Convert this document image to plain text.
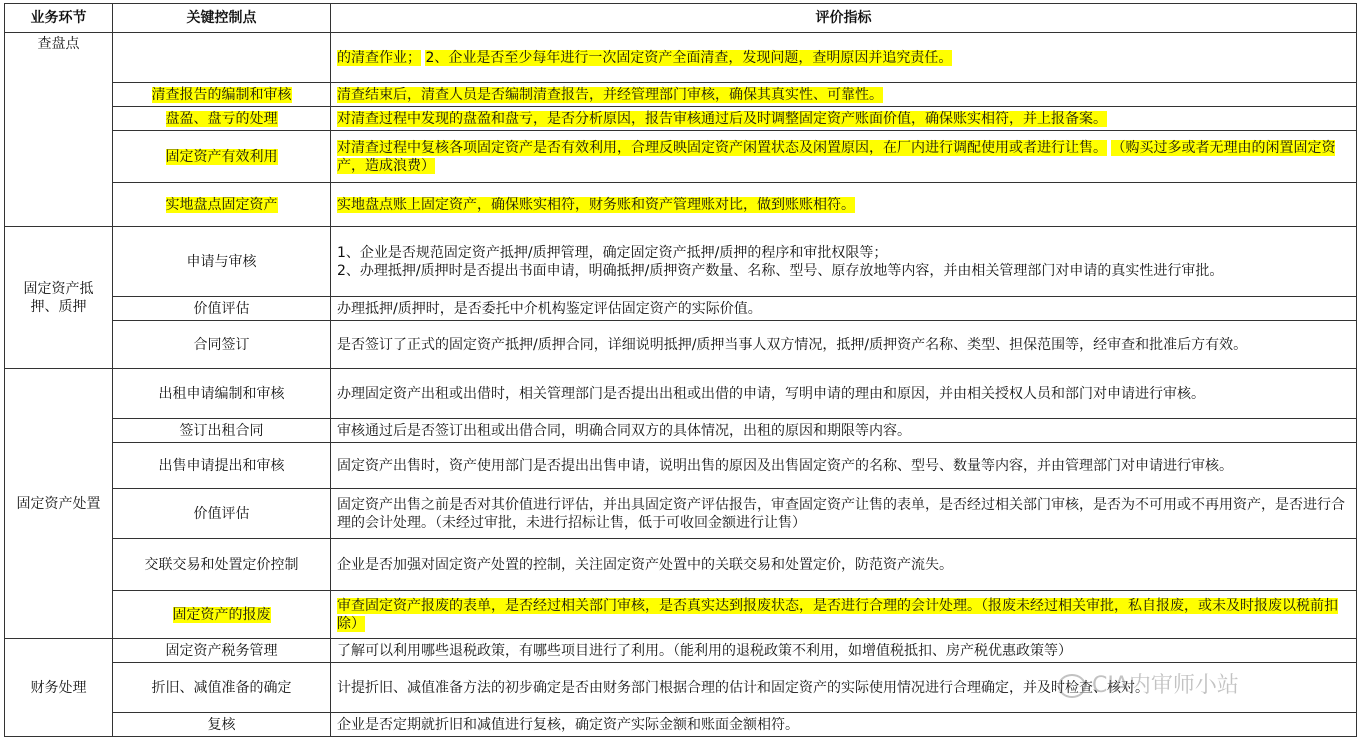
业务环节	关键控制点	评价指标
查盘点		的清查作业； 2、企业是否至少每年进行一次固定资产全面清查，发现问题，查明原因并追究责任。
	清查报告的编制和审核	清查结束后，清查人员是否编制清查报告，并经管理部门审核，确保其真实性、可靠性。
	盘盈、盘亏的处理	对清查过程中发现的盘盈和盘亏，是否分析原因，报告审核通过后及时调整固定资产账面价值，确保账实相符，并上报备案。
	固定资产有效利用	对清查过程中复核各项固定资产是否有效利用，合理反映固定资产闲置状态及闲置原因，在厂内进行调配使用或者进行让售。 （购买过多或者无理由的闲置固定资产，造成浪费）
	实地盘点固定资产	实地盘点账上固定资产，确保账实相符，财务账和资产管理账对比，做到账账相符。
固定资产抵押、质押	申请与审核	1、企业是否规范固定资产抵押/质押管理，确定固定资产抵押/质押的程序和审批权限等；
2、办理抵押/质押时是否提出书面申请，明确抵押/质押资产数量、名称、型号、原存放地等内容，并由相关管理部门对申请的真实性进行审批。

	价值评估	办理抵押/质押时，是否委托中介机构鉴定评估固定资产的实际价值。
	合同签订	是否签订了正式的固定资产抵押/质押合同，详细说明抵押/质押当事人双方情况，抵押/质押资产名称、类型、担保范围等，经审查和批准后方有效。
固定资产处置	出租申请编制和审核	办理固定资产出租或出借时，相关管理部门是否提出出租或出借的申请，写明申请的理由和原因，并由相关授权人员和部门对申请进行审核。
	签订出租合同	审核通过后是否签订出租或出借合同，明确合同双方的具体情况，出租的原因和期限等内容。
	出售申请提出和审核	固定资产出售时，资产使用部门是否提出出售申请，说明出售的原因及出售固定资产的名称、型号、数量等内容，并由管理部门对申请进行审核。
	价值评估	固定资产出售之前是否对其价值进行评估，并出具固定资产评估报告，审查固定资产让售的表单，是否经过相关部门审核，是否为不可用或不再用资产，是否进行合理的会计处理。（未经过审批，未进行招标让售，低于可收回金额进行让售）
	交联交易和处置定价控制	企业是否加强对固定资产处置的控制，关注固定资产处置中的关联交易和处置定价，防范资产流失。
	固定资产的报废	审查固定资产报废的表单，是否经过相关部门审核，是否真实达到报废状态，是否进行合理的会计处理。（报废未经过相关审批，私自报废，或未及时报废以税前扣除）
财务处理	固定资产税务管理	了解可以利用哪些退税政策，有哪些项目进行了利用。（能利用的退税政策不利用，如增值税抵扣、房产税优惠政策等）
	折旧、减值准备的确定	计提折旧、减值准备方法的初步确定是否由财务部门根据合理的估计和固定资产的实际使用情况进行合理确定，并及时检查、核对。
	复核	企业是否定期就折旧和减值进行复核，确定资产实际金额和账面金额相符。
CIA内审师小站
